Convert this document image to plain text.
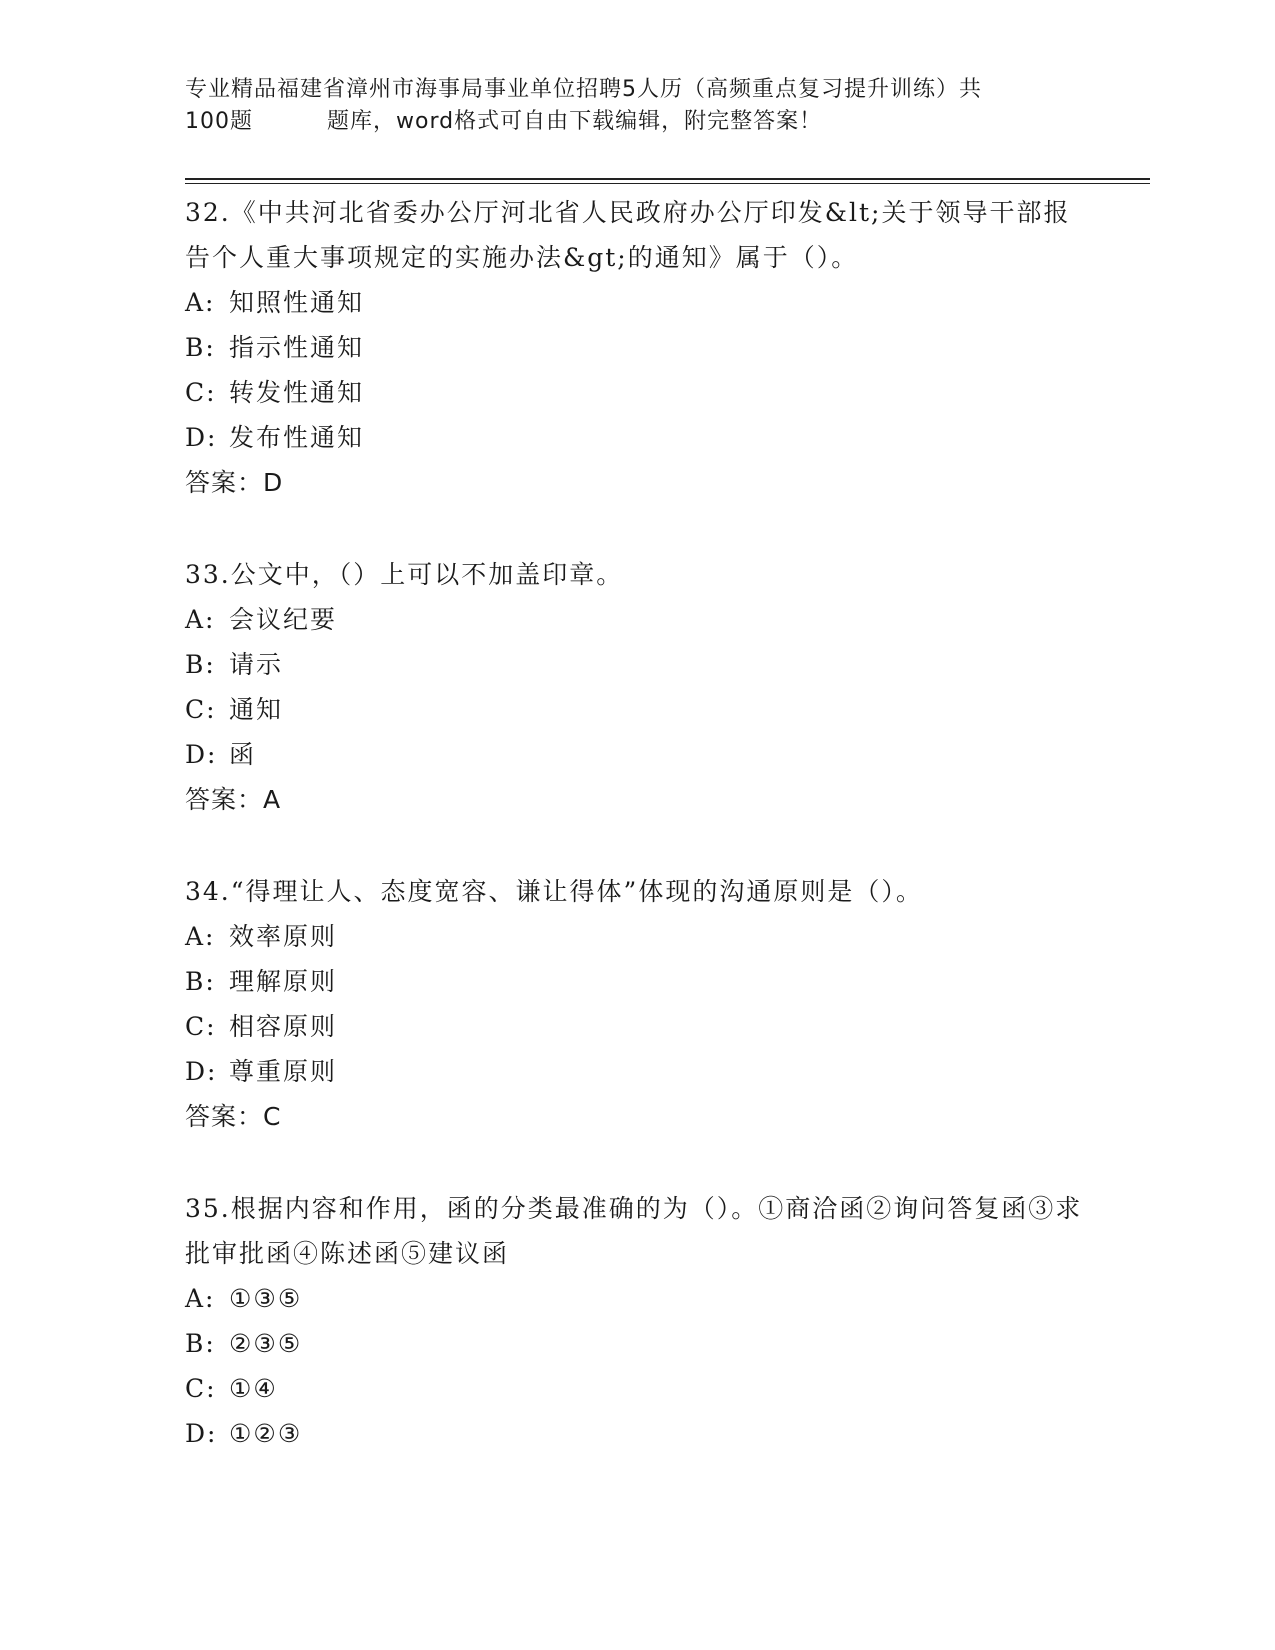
专业精品福建省漳州市海事局事业单位招聘5人历（高频重点复习提升训练）共
100题	题库，word格式可自由下载编辑，附完整答案！
32.《中共河北省委办公厅河北省人民政府办公厅印发&lt;关于领导干部报告个人重大事项规定的实施办法&gt;的通知》属于（）。
A: 知照性通知
B: 指示性通知
C: 转发性通知
D: 发布性通知
答案：D
33.公文中，（）上可以不加盖印章。
A: 会议纪要
B: 请示
C: 通知
D: 函
答案：A
34.“得理让人、态度宽容、谦让得体”体现的沟通原则是（）。
A: 效率原则
B: 理解原则
C: 相容原则
D: 尊重原则
答案：C
35.根据内容和作用，函的分类最准确的为（）。①商洽函②询问答复函③求批审批函④陈述函⑤建议函
A: ①③⑤
B: ②③⑤
C: ①④
D: ①②③
